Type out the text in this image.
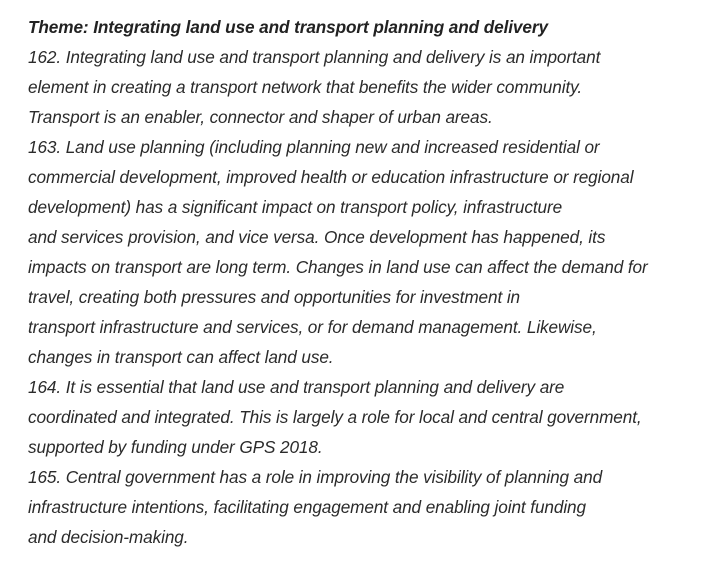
Theme: Integrating land use and transport planning and delivery
162. Integrating land use and transport planning and delivery is an important
element in creating a transport network that benefits the wider community.
Transport is an enabler, connector and shaper of urban areas.
163. Land use planning (including planning new and increased residential or
commercial development, improved health or education infrastructure or regional
development) has a significant impact on transport policy, infrastructure
and services provision, and vice versa. Once development has happened, its
impacts on transport are long term. Changes in land use can affect the demand for
travel, creating both pressures and opportunities for investment in
transport infrastructure and services, or for demand management. Likewise,
changes in transport can affect land use.
164. It is essential that land use and transport planning and delivery are
coordinated and integrated. This is largely a role for local and central government,
supported by funding under GPS 2018.
165. Central government has a role in improving the visibility of planning and
infrastructure intentions, facilitating engagement and enabling joint funding
and decision-making.
